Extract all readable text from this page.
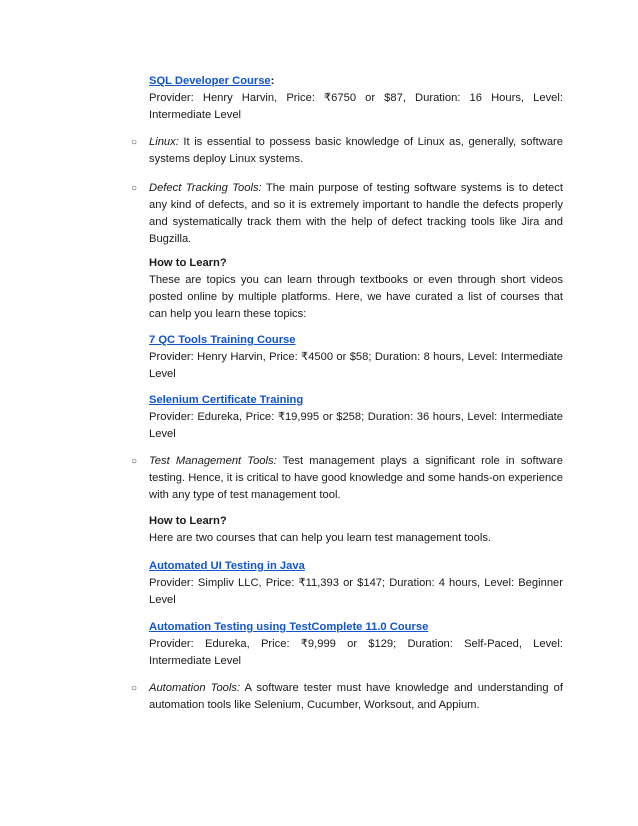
SQL Developer Course:
Provider: Henry Harvin, Price: ₹6750 or $87, Duration: 16 Hours, Level: Intermediate Level
○ Linux: It is essential to possess basic knowledge of Linux as, generally, software systems deploy Linux systems.

○ Defect Tracking Tools: The main purpose of testing software systems is to detect any kind of defects, and so it is extremely important to handle the defects properly and systematically track them with the help of defect tracking tools like Jira and Bugzilla.

How to Learn?
These are topics you can learn through textbooks or even through short videos posted online by multiple platforms. Here, we have curated a list of courses that can help you learn these topics:
7 QC Tools Training Course
Provider: Henry Harvin, Price: ₹4500 or $58; Duration: 8 hours, Level: Intermediate Level
Selenium Certificate Training
Provider: Edureka, Price: ₹19,995 or $258; Duration: 36 hours, Level: Intermediate Level
○ Test Management Tools: Test management plays a significant role in software testing. Hence, it is critical to have good knowledge and some hands-on experience with any type of test management tool.

How to Learn?
Here are two courses that can help you learn test management tools.
Automated UI Testing in Java
Provider: Simpliv LLC, Price: ₹11,393 or $147; Duration: 4 hours, Level: Beginner Level
Automation Testing using TestComplete 11.0 Course
Provider: Edureka, Price: ₹9,999 or $129; Duration: Self-Paced, Level: Intermediate Level
○ Automation Tools: A software tester must have knowledge and understanding of automation tools like Selenium, Cucumber, Worksout, and Appium.
